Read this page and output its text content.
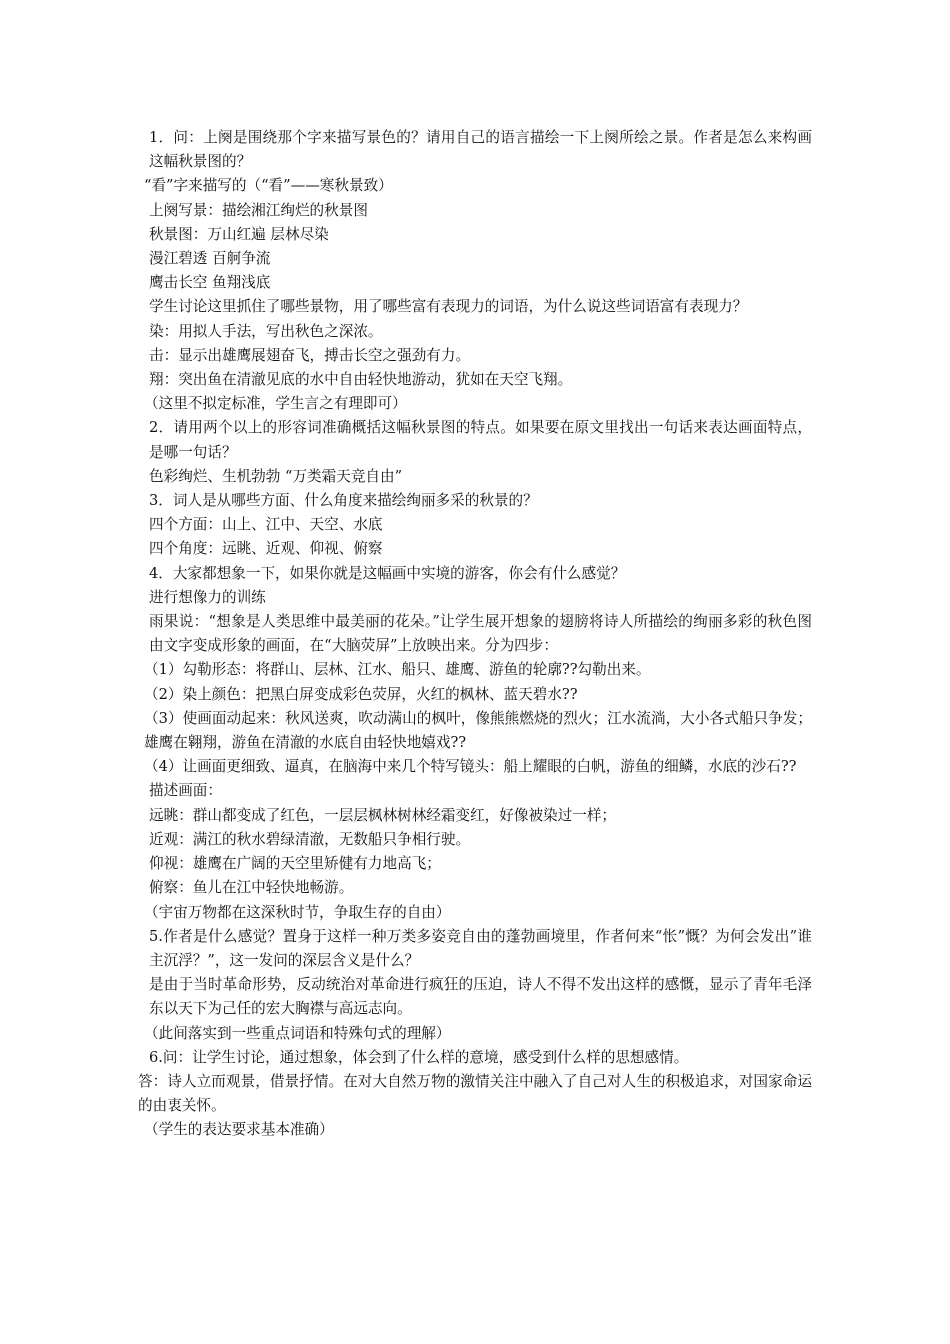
1．问：上阕是围绕那个字来描写景色的？请用自己的语言描绘一下上阕所绘之景。作者是怎么来构画这幅秋景图的？

“看”字来描写的（“看”——寒秋景致）

上阕写景：描绘湘江绚烂的秋景图

秋景图：万山红遍 层林尽染

漫江碧透 百舸争流

鹰击长空 鱼翔浅底

学生讨论这里抓住了哪些景物，用了哪些富有表现力的词语，为什么说这些词语富有表现力？

染：用拟人手法，写出秋色之深浓。

击：显示出雄鹰展翅奋飞，搏击长空之强劲有力。

翔：突出鱼在清澈见底的水中自由轻快地游动，犹如在天空飞翔。

（这里不拟定标准，学生言之有理即可）

2．请用两个以上的形容词准确概括这幅秋景图的特点。如果要在原文里找出一句话来表达画面特点，是哪一句话？

色彩绚烂、生机勃勃 “万类霜天竞自由”

3．词人是从哪些方面、什么角度来描绘绚丽多采的秋景的？

四个方面：山上、江中、天空、水底

四个角度：远眺、近观、仰视、俯察

4．大家都想象一下，如果你就是这幅画中实境的游客，你会有什么感觉？

进行想像力的训练

雨果说：“想象是人类思维中最美丽的花朵。”让学生展开想象的翅膀将诗人所描绘的绚丽多彩的秋色图由文字变成形象的画面，在“大脑荧屏”上放映出来。分为四步：

（1）勾勒形态：将群山、层林、江水、船只、雄鹰、游鱼的轮廓??勾勒出来。

（2）染上颜色：把黑白屏变成彩色荧屏，火红的枫林、蓝天碧水??

（3）使画面动起来：秋风送爽，吹动满山的枫叶，像熊熊燃烧的烈火；江水流淌，大小各式船只争发；雄鹰在翱翔，游鱼在清澈的水底自由轻快地嬉戏??

（4）让画面更细致、逼真，在脑海中来几个特写镜头：船上耀眼的白帆，游鱼的细鳞，水底的沙石??

描述画面：

远眺：群山都变成了红色，一层层枫林树林经霜变红，好像被染过一样；

近观：满江的秋水碧绿清澈，无数船只争相行驶。

仰视：雄鹰在广阔的天空里矫健有力地高飞；

俯察：鱼儿在江中轻快地畅游。

（宇宙万物都在这深秋时节，争取生存的自由）

5.作者是什么感觉？置身于这样一种万类多姿竞自由的蓬勃画境里，作者何来“怅”慨？为何会发出”谁主沉浮？”，这一发问的深层含义是什么？

是由于当时革命形势，反动统治对革命进行疯狂的压迫，诗人不得不发出这样的感慨，显示了青年毛泽东以天下为己任的宏大胸襟与高远志向。

（此间落实到一些重点词语和特殊句式的理解）

6.问：让学生讨论，通过想象，体会到了什么样的意境，感受到什么样的思想感情。

答：诗人立而观景，借景抒情。在对大自然万物的激情关注中融入了自己对人生的积极追求，对国家命运的由衷关怀。

（学生的表达要求基本准确）
